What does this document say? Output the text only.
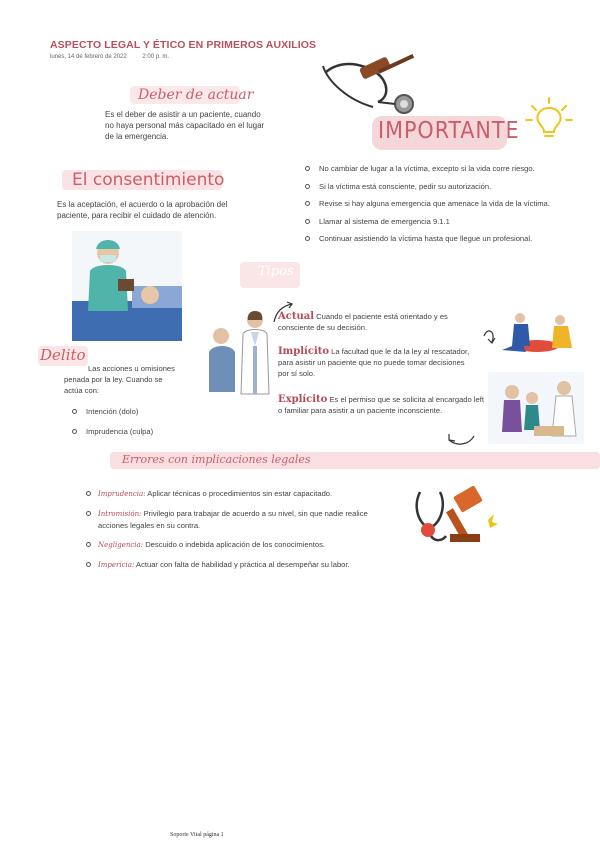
ASPECTO LEGAL Y ÉTICO EN PRIMEROS AUXILIOS
lunes, 14 de febrero de 2022	2:00 p. m.
Deber de actuar
Es el deber de asistir a un paciente, cuando
no haya personal más capacitado en el lugar
de la emergencia.	IMPORTANTE
No cambiar de lugar a la víctima, excepto si la vida corre riesgo.
Si la víctima está consciente, pedir su autorización.
Revise si hay alguna emergencia que amenace la vida de la víctima.
Llamar al sistema de emergencia 9.1.1
Continuar asistiendo la víctima hasta que llegue un profesional.
El consentimiento
Es la aceptación, el acuerdo o la aprobación del
paciente, para recibir el cuidado de atención.
Tipos
Actual Cuando el paciente está orientado y es
consciente de su decisión.
Implícito La facultad que le da la ley al rescatador,
para asistir un paciente que no puede tomar decisiones
por sí solo.
Explícito Es el permiso que se solicita al encargado left
o familiar para asistir a un paciente inconsciente.
Delito
Las acciones u omisiones
penada por la ley. Cuando se
actúa con:
Intención (dolo)
Imprudencia (culpa)
Errores con implicaciones legales
Imprudencia: Aplicar técnicas o procedimientos sin estar capacitado.
Intromisión: Privilegio para trabajar de acuerdo a su nivel, sin que nadie realice
acciones legales en su contra.
Negligencia: Descuido o indebida aplicación de los conocimientos.
Impericia: Actuar con falta de habilidad y práctica al desempeñar su labor.
Soporte Vital página 1
